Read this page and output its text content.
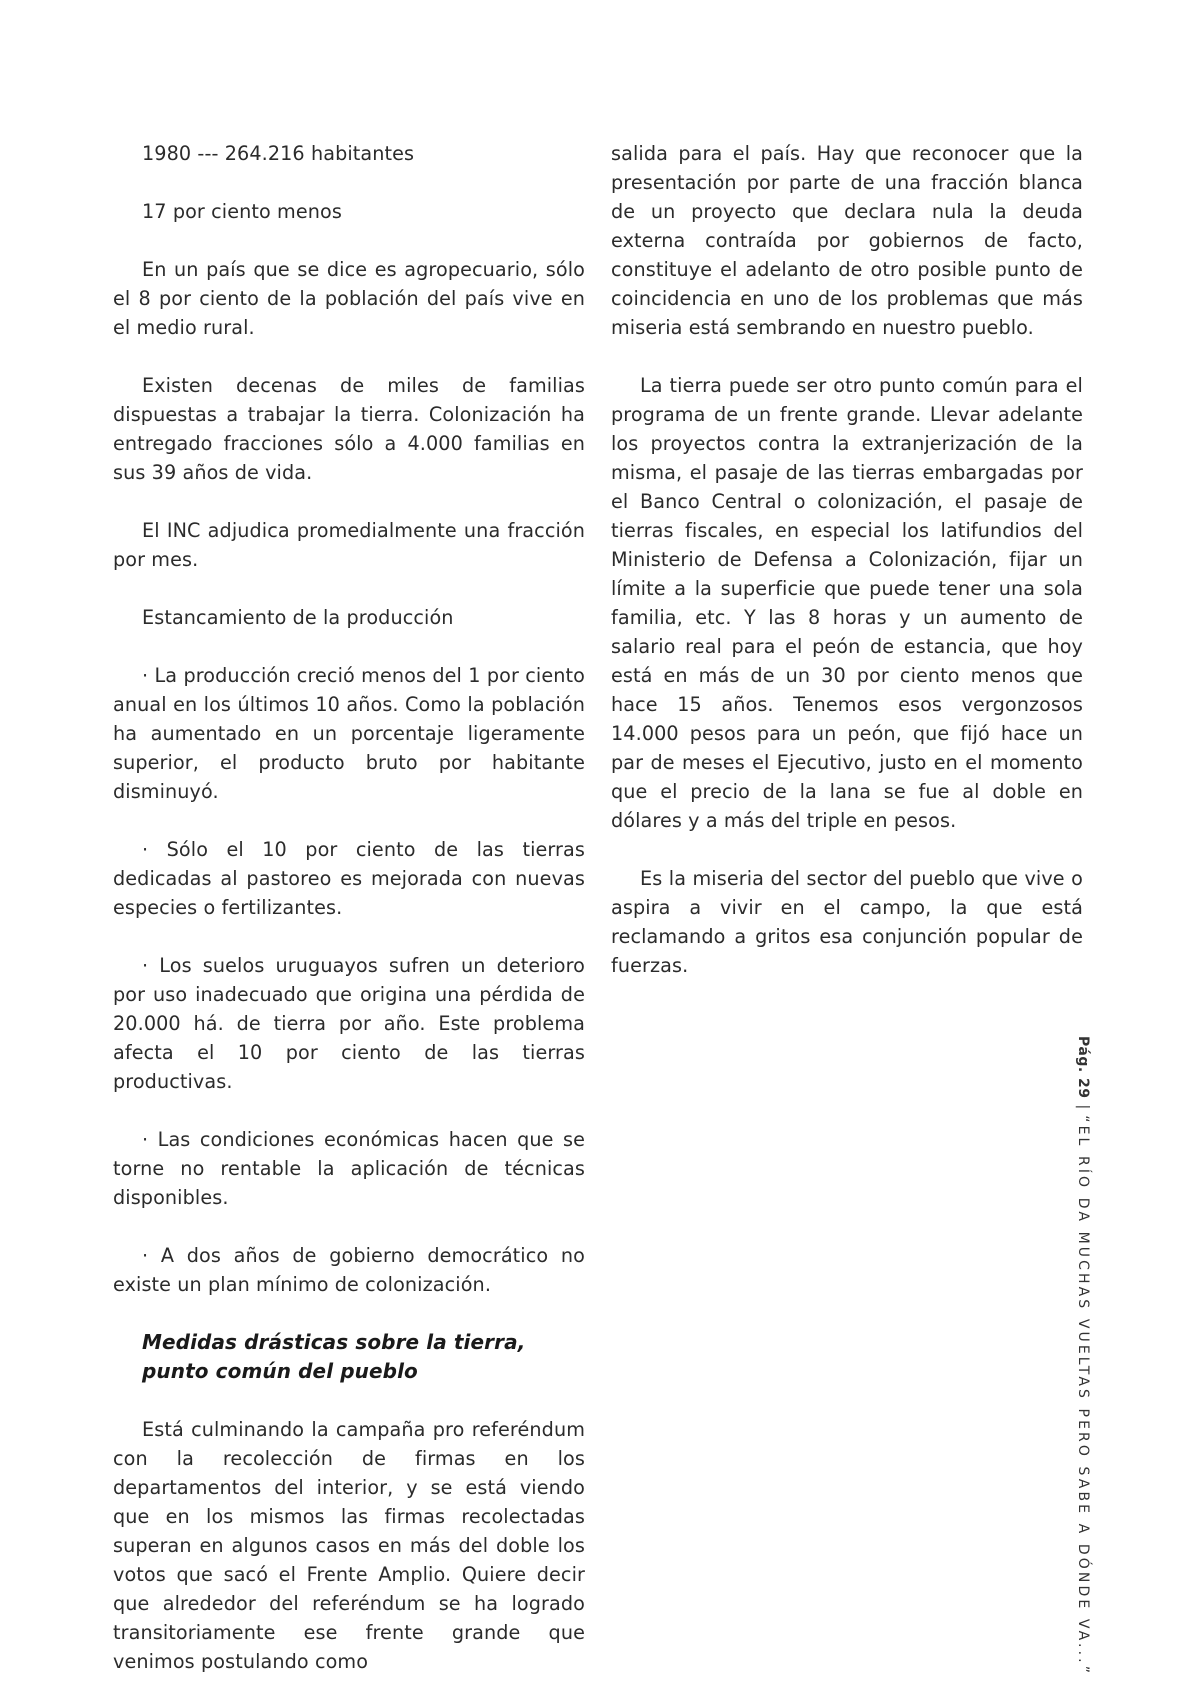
1980 --- 264.216 habitantes

17 por ciento menos

En un país que se dice es agropecuario, sólo el 8 por ciento de la población del país vive en el medio rural.

Existen decenas de miles de familias dispuestas a trabajar la tierra. Colonización ha entregado fracciones sólo a 4.000 familias en sus 39 años de vida.

El INC adjudica promedialmente una fracción por mes.

Estancamiento de la producción

· La producción creció menos del 1 por ciento anual en los últimos 10 años. Como la población ha aumentado en un porcentaje ligeramente superior, el producto bruto por habitante disminuyó.

· Sólo el 10 por ciento de las tierras dedicadas al pastoreo es mejorada con nuevas especies o fertilizantes.

· Los suelos uruguayos sufren un deterioro por uso inadecuado que origina una pérdida de 20.000 há. de tierra por año. Este problema afecta el 10 por ciento de las tierras productivas.

· Las condiciones económicas hacen que se torne no rentable la aplicación de técnicas disponibles.

· A dos años de gobierno democrático no existe un plan mínimo de colonización.

Medidas drásticas sobre la tierra,
punto común del pueblo

Está culminando la campaña pro referéndum con la recolección de firmas en los departamentos del interior, y se está viendo que en los mismos las firmas recolectadas superan en algunos casos en más del doble los votos que sacó el Frente Amplio. Quiere decir que alrededor del referéndum se ha logrado transitoriamente ese frente grande que venimos postulando como

salida para el país. Hay que reconocer que la presentación por parte de una fracción blanca de un proyecto que declara nula la deuda externa contraída por gobiernos de facto, constituye el adelanto de otro posible punto de coincidencia en uno de los problemas que más miseria está sembrando en nuestro pueblo.

La tierra puede ser otro punto común para el programa de un frente grande. Llevar adelante los proyectos contra la extranjerización de la misma, el pasaje de las tierras embargadas por el Banco Central o colonización, el pasaje de tierras fiscales, en especial los latifundios del Ministerio de Defensa a Colonización, fijar un límite a la superficie que puede tener una sola familia, etc. Y las 8 horas y un aumento de salario real para el peón de estancia, que hoy está en más de un 30 por ciento menos que hace 15 años. Tenemos esos vergonzosos 14.000 pesos para un peón, que fijó hace un par de meses el Ejecutivo, justo en el momento que el precio de la lana se fue al doble en dólares y a más del triple en pesos.

Es la miseria del sector del pueblo que vive o aspira a vivir en el campo, la que está reclamando a gritos esa conjunción popular de fuerzas.

Pág. 29|“EL RÍO DA MUCHAS VUELTAS PERO SABE A DÓNDE VA...”
